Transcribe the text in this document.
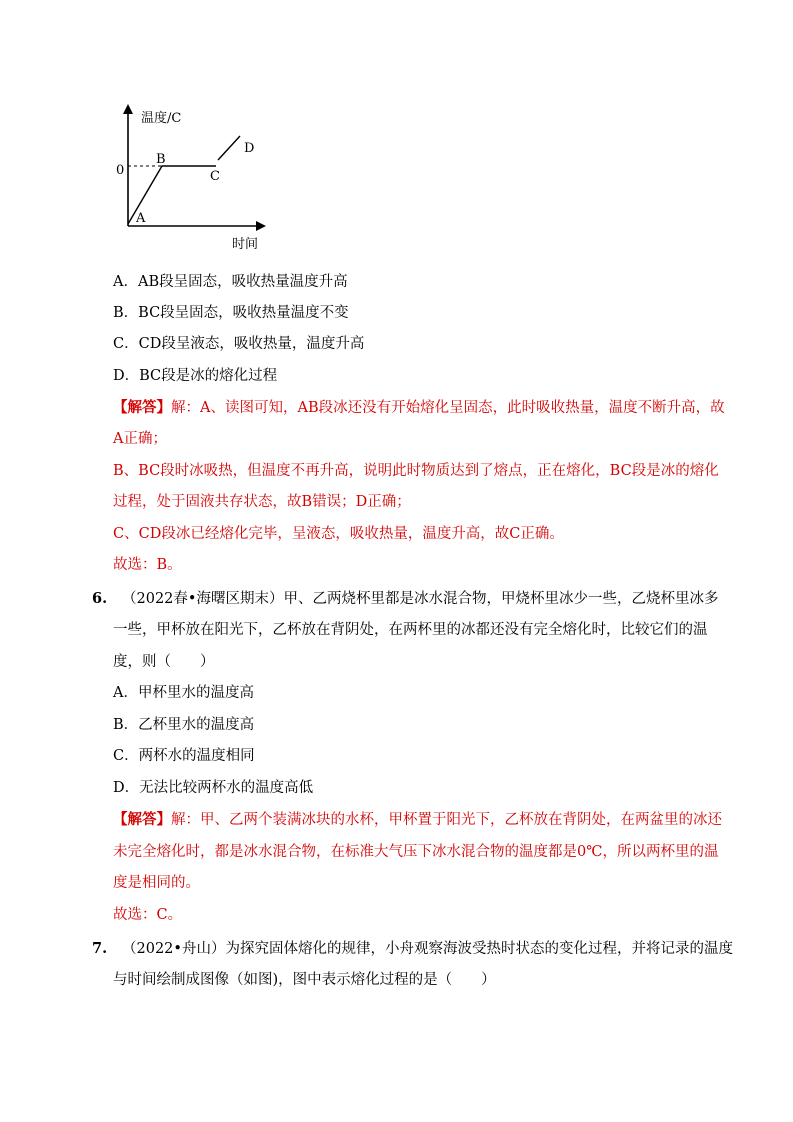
温度/C
0
A
B
C
D
时间
A．AB段呈固态，吸收热量温度升高
B．BC段呈固态，吸收热量温度不变
C．CD段呈液态，吸收热量，温度升高
D．BC段是冰的熔化过程
【解答】解：A、读图可知，AB段冰还没有开始熔化呈固态，此时吸收热量，温度不断升高，故
A正确；
B、BC段时冰吸热，但温度不再升高，说明此时物质达到了熔点，正在熔化，BC段是冰的熔化
过程，处于固液共存状态，故B错误；D正确；
C、CD段冰已经熔化完毕，呈液态，吸收热量，温度升高，故C正确。
故选：B。
6. （2022春•海曙区期末）甲、乙两烧杯里都是冰水混合物，甲烧杯里冰少一些，乙烧杯里冰多
一些，甲杯放在阳光下，乙杯放在背阴处，在两杯里的冰都还没有完全熔化时，比较它们的温
度，则（　　）
A．甲杯里水的温度高
B．乙杯里水的温度高
C．两杯水的温度相同
D．无法比较两杯水的温度高低
【解答】解：甲、乙两个装满冰块的水杯，甲杯置于阳光下，乙杯放在背阴处，在两盆里的冰还
未完全熔化时，都是冰水混合物，在标准大气压下冰水混合物的温度都是0℃，所以两杯里的温
度是相同的。
故选：C。
7. （2022•舟山）为探究固体熔化的规律，小舟观察海波受热时状态的变化过程，并将记录的温度
与时间绘制成图像（如图)，图中表示熔化过程的是（　　）
